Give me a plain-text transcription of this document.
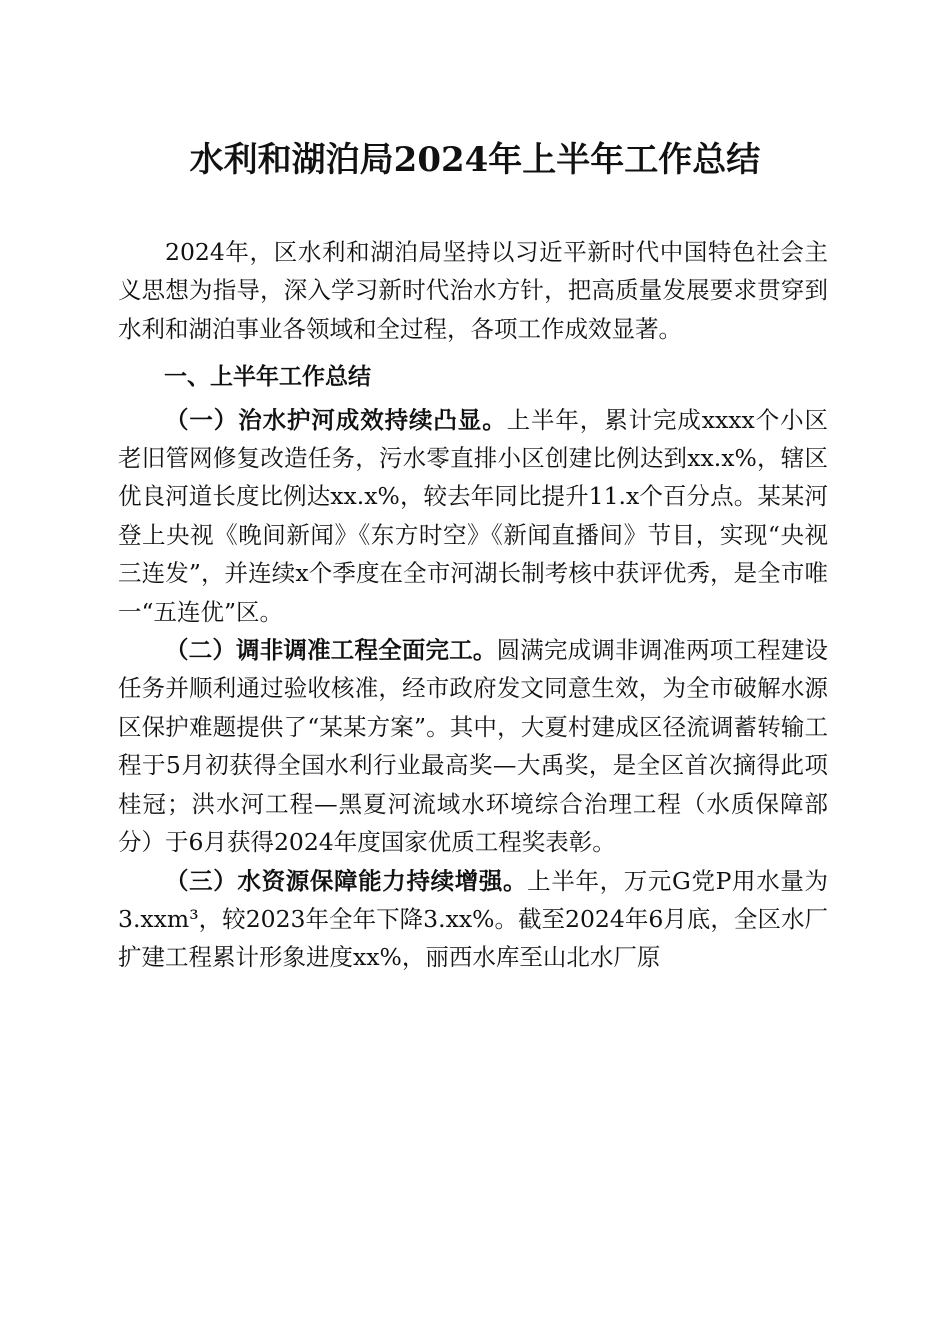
水利和湖泊局2024年上半年工作总结

2024年，区水利和湖泊局坚持以习近平新时代中国特色社会主义思想为指导，深入学习新时代治水方针，把高质量发展要求贯穿到水利和湖泊事业各领域和全过程，各项工作成效显著。

一、上半年工作总结

（一）治水护河成效持续凸显。上半年，累计完成xxxx个小区老旧管网修复改造任务，污水零直排小区创建比例达到xx.x%，辖区优良河道长度比例达xx.x%，较去年同比提升11.x个百分点。某某河登上央视《晚间新闻》《东方时空》《新闻直播间》节目，实现“央视三连发”，并连续x个季度在全市河湖长制考核中获评优秀，是全市唯一“五连优”区。

（二）调非调准工程全面完工。圆满完成调非调准两项工程建设任务并顺利通过验收核准，经市政府发文同意生效，为全市破解水源区保护难题提供了“某某方案”。其中，大夏村建成区径流调蓄转输工程于5月初获得全国水利行业最高奖—大禹奖，是全区首次摘得此项桂冠；洪水河工程—黑夏河流域水环境综合治理工程（水质保障部分）于6月获得2024年度国家优质工程奖表彰。

（三）水资源保障能力持续增强。上半年，万元G党P用水量为3.xxm³，较2023年全年下降3.xx%。截至2024年6月底，全区水厂扩建工程累计形象进度xx%，丽西水库至山北水厂原
